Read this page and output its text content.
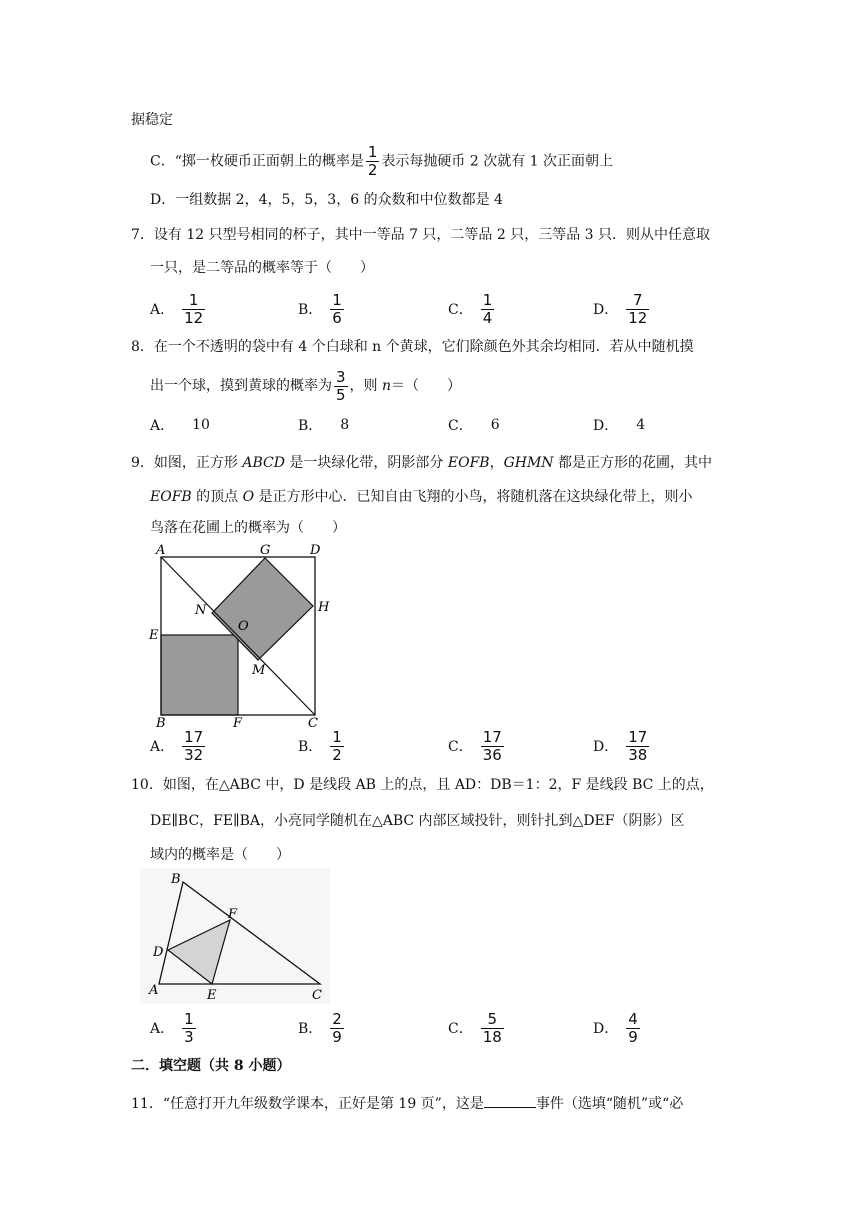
据稳定
C．“掷一枚硬币正面朝上的概率是 $\frac{1}{2}$ 表示每抛硬币 2 次就有 1 次正面朝上
D．一组数据 2，4，5，5，3，6 的众数和中位数都是 4
7．设有 12 只型号相同的杯子，其中一等品 7 只，二等品 2 只，三等品 3 只．则从中任意取
一只，是二等品的概率等于（　　）
A． $\frac{1}{12}$	B． $\frac{1}{6}$	C． $\frac{1}{4}$	D． $\frac{7}{12}$
8．在一个不透明的袋中有 4 个白球和 n 个黄球，它们除颜色外其余均相同．若从中随机摸
出一个球，摸到黄球的概率为 $\frac{3}{5}$ ，则 n＝（　　）
A． 10	B． 8	C． 6	D． 4
9．如图，正方形 ABCD 是一块绿化带，阴影部分 EOFB，GHMN 都是正方形的花圃，其中
EOFB 的顶点 O 是正方形中心．已知自由飞翔的小鸟，将随机落在这块绿化带上，则小
鸟落在花圃上的概率为（　　）
A	G	D
N	H
E
O
M
B	F	C
A． $\frac{17}{32}$	B． $\frac{1}{2}$	C． $\frac{17}{36}$	D． $\frac{17}{38}$
10．如图，在△ABC 中，D 是线段 AB 上的点，且 AD：DB＝1：2，F 是线段 BC 上的点，
DE∥BC，FE∥BA，小亮同学随机在△ABC 内部区域投针，则针扎到△DEF（阴影）区
域内的概率是（　　）
B
F
D
A	E	C
A． $\frac{1}{3}$	B． $\frac{2}{9}$	C． $\frac{5}{18}$	D． $\frac{4}{9}$
二．填空题（共 8 小题）
11．“任意打开九年级数学课本，正好是第 19 页”，这是	事件（选填“随机”或“必
